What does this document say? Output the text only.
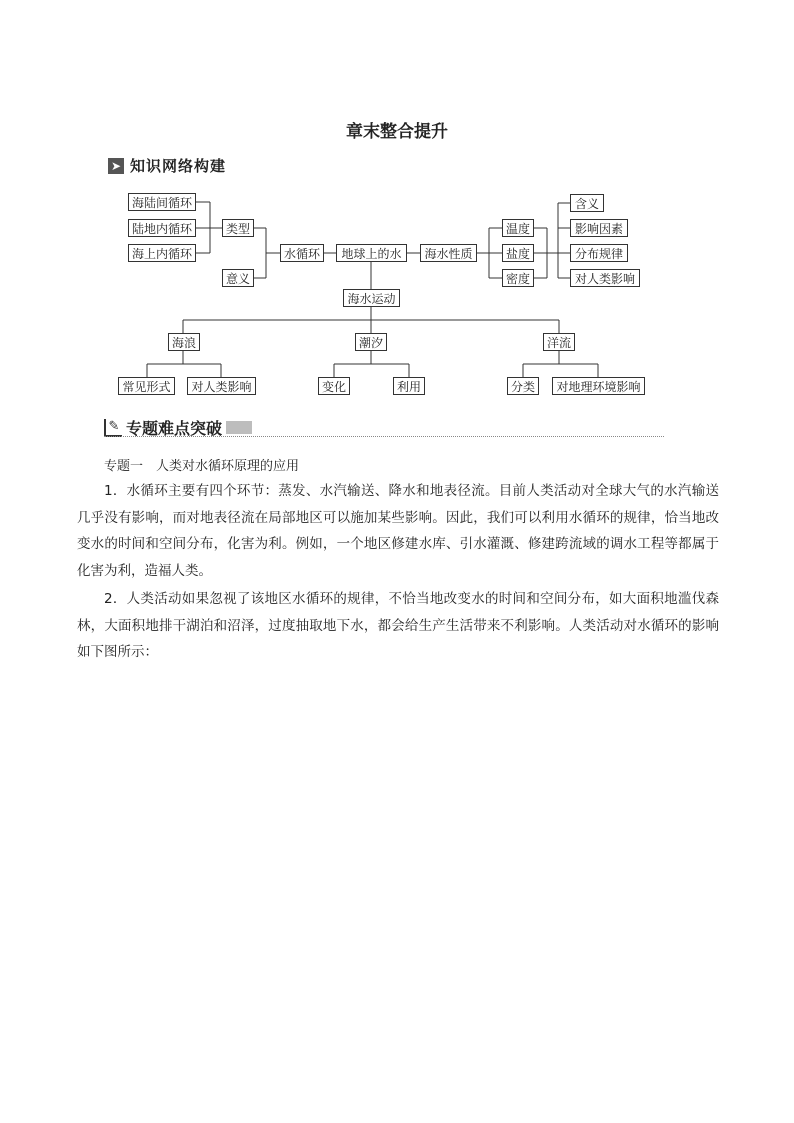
章末整合提升
➤ 知识网络构建
海陆间循环
陆地内循环
海上内循环
类型
意义
水循环	地球上的水	海水性质
温度
盐度
密度
含义
影响因素
分布规律
对人类影响
海水运动
海浪	潮汐	洋流
常见形式	对人类影响	变化	利用	分类	对地理环境影响
✎ 专题难点突破
专题一　人类对水循环原理的应用

1．水循环主要有四个环节：蒸发、水汽输送、降水和地表径流。目前人类活动对全球大气的水汽输送几乎没有影响，而对地表径流在局部地区可以施加某些影响。因此，我们可以利用水循环的规律，恰当地改变水的时间和空间分布，化害为利。例如，一个地区修建水库、引水灌溉、修建跨流域的调水工程等都属于化害为利，造福人类。

2．人类活动如果忽视了该地区水循环的规律，不恰当地改变水的时间和空间分布，如大面积地滥伐森林，大面积地排干湖泊和沼泽，过度抽取地下水，都会给生产生活带来不利影响。人类活动对水循环的影响如下图所示：
